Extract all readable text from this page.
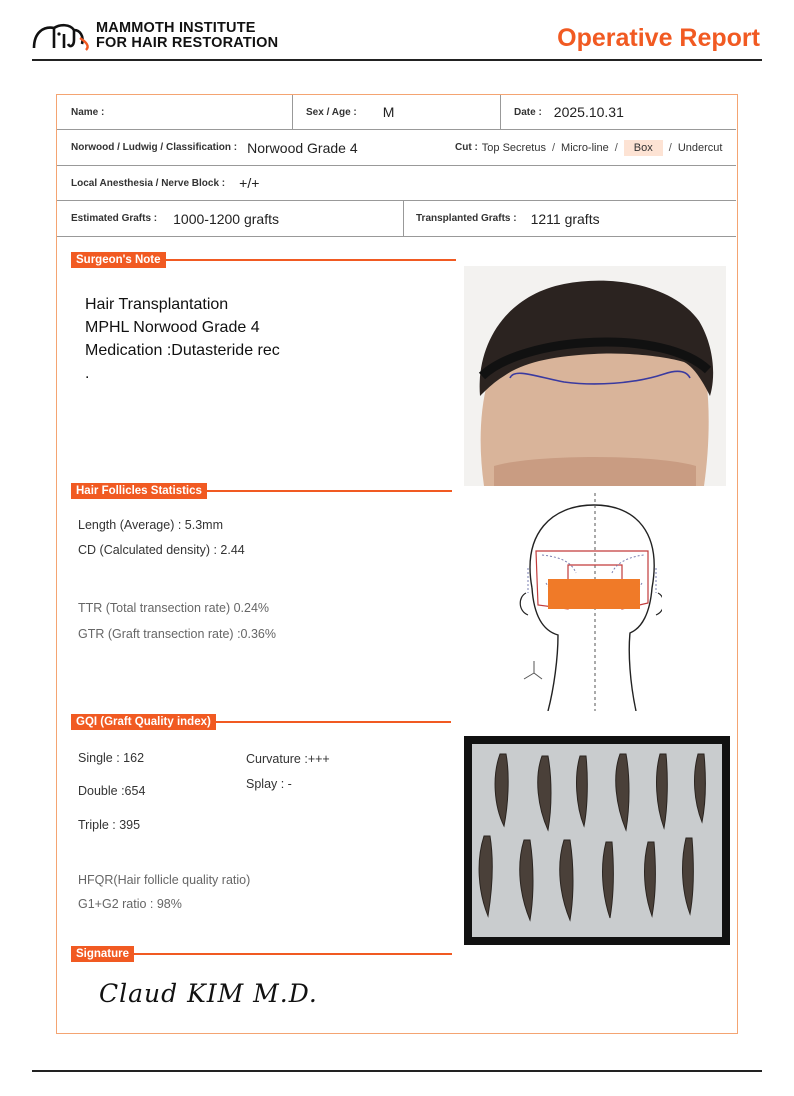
MAMMOTH INSTITUTE
FOR HAIR RESTORATION	Operative Report
Name :	Sex / Age : M	Date : 2025.10.31
Norwood / Ludwig / Classification : Norwood Grade 4	Cut : Top Secretus / Micro-line /	Box	/ Undercut
Local Anesthesia / Nerve Block : +/+
Estimated Grafts : 1000-1200 grafts	Transplanted Grafts : 1211 grafts
Surgeon's Note
Hair Transplantation
MPHL Norwood Grade 4
Medication :Dutasteride rec
.
Hair Follicles Statistics
Length (Average) : 5.3mm
CD (Calculated density) : 2.44
TTR (Total transection rate) 0.24%
GTR (Graft transection rate) :0.36%
GQI (Graft Quality index)
Single : 162
Double :654
Triple : 395
Curvature :+++
Splay : -
HFQR(Hair follicle quality ratio)
G1+G2 ratio : 98%
Signature
Claud KIM M.D.
